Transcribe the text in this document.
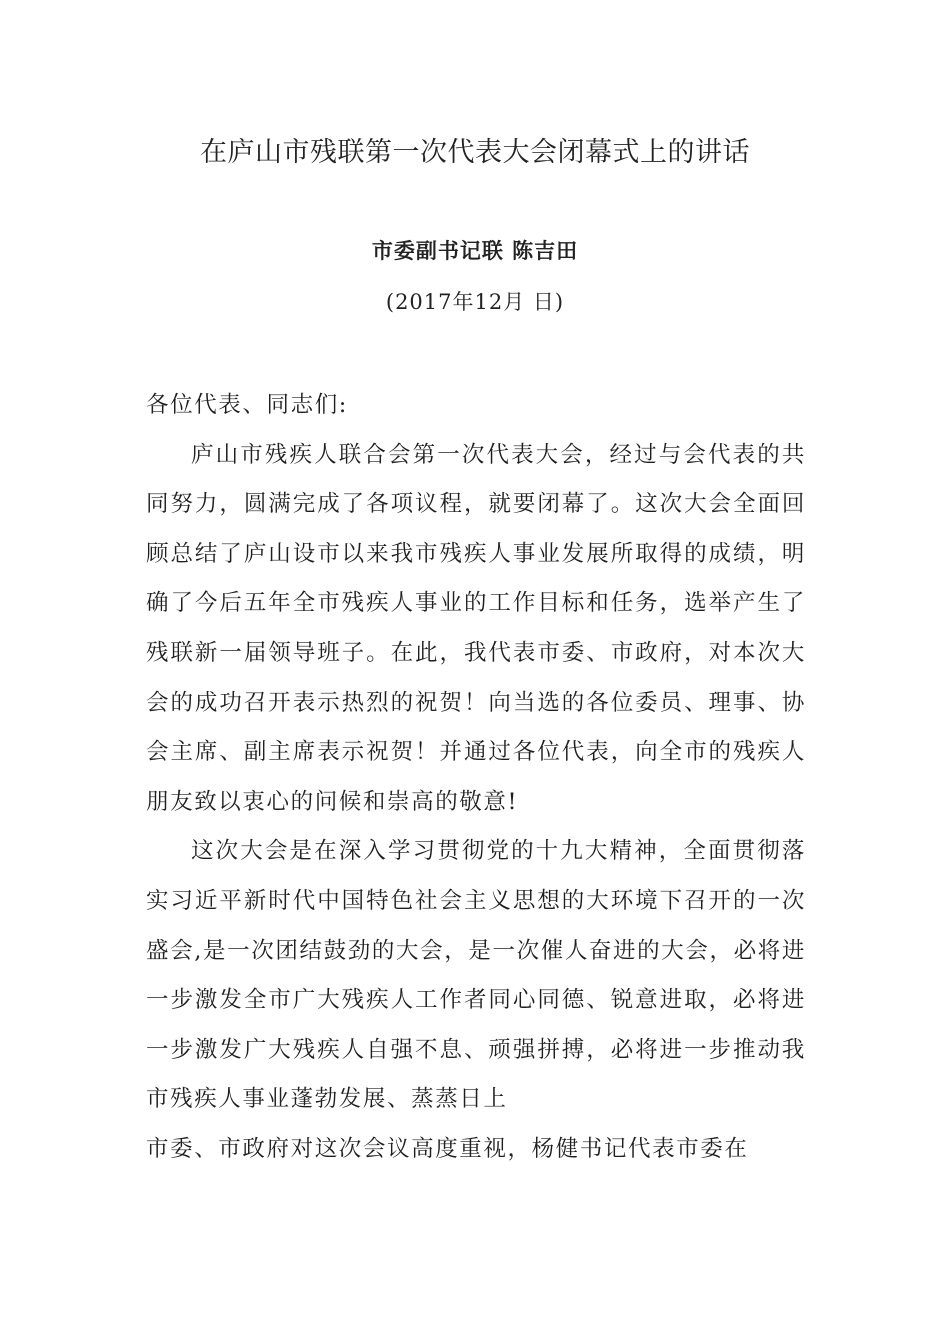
在庐山市残联第一次代表大会闭幕式上的讲话
市委副书记联 陈吉田
(2017年12月 日)

各位代表、同志们:

庐山市残疾人联合会第一次代表大会，经过与会代表的共同努力，圆满完成了各项议程，就要闭幕了。这次大会全面回顾总结了庐山设市以来我市残疾人事业发展所取得的成绩，明确了今后五年全市残疾人事业的工作目标和任务，选举产生了残联新一届领导班子。在此，我代表市委、市政府，对本次大会的成功召开表示热烈的祝贺！向当选的各位委员、理事、协会主席、副主席表示祝贺！并通过各位代表，向全市的残疾人朋友致以衷心的问候和崇高的敬意!

这次大会是在深入学习贯彻党的十九大精神，全面贯彻落实习近平新时代中国特色社会主义思想的大环境下召开的一次盛会,是一次团结鼓劲的大会，是一次催人奋进的大会，必将进一步激发全市广大残疾人工作者同心同德、锐意进取，必将进一步激发广大残疾人自强不息、顽强拼搏，必将进一步推动我市残疾人事业蓬勃发展、蒸蒸日上

市委、市政府对这次会议高度重视，杨健书记代表市委在
